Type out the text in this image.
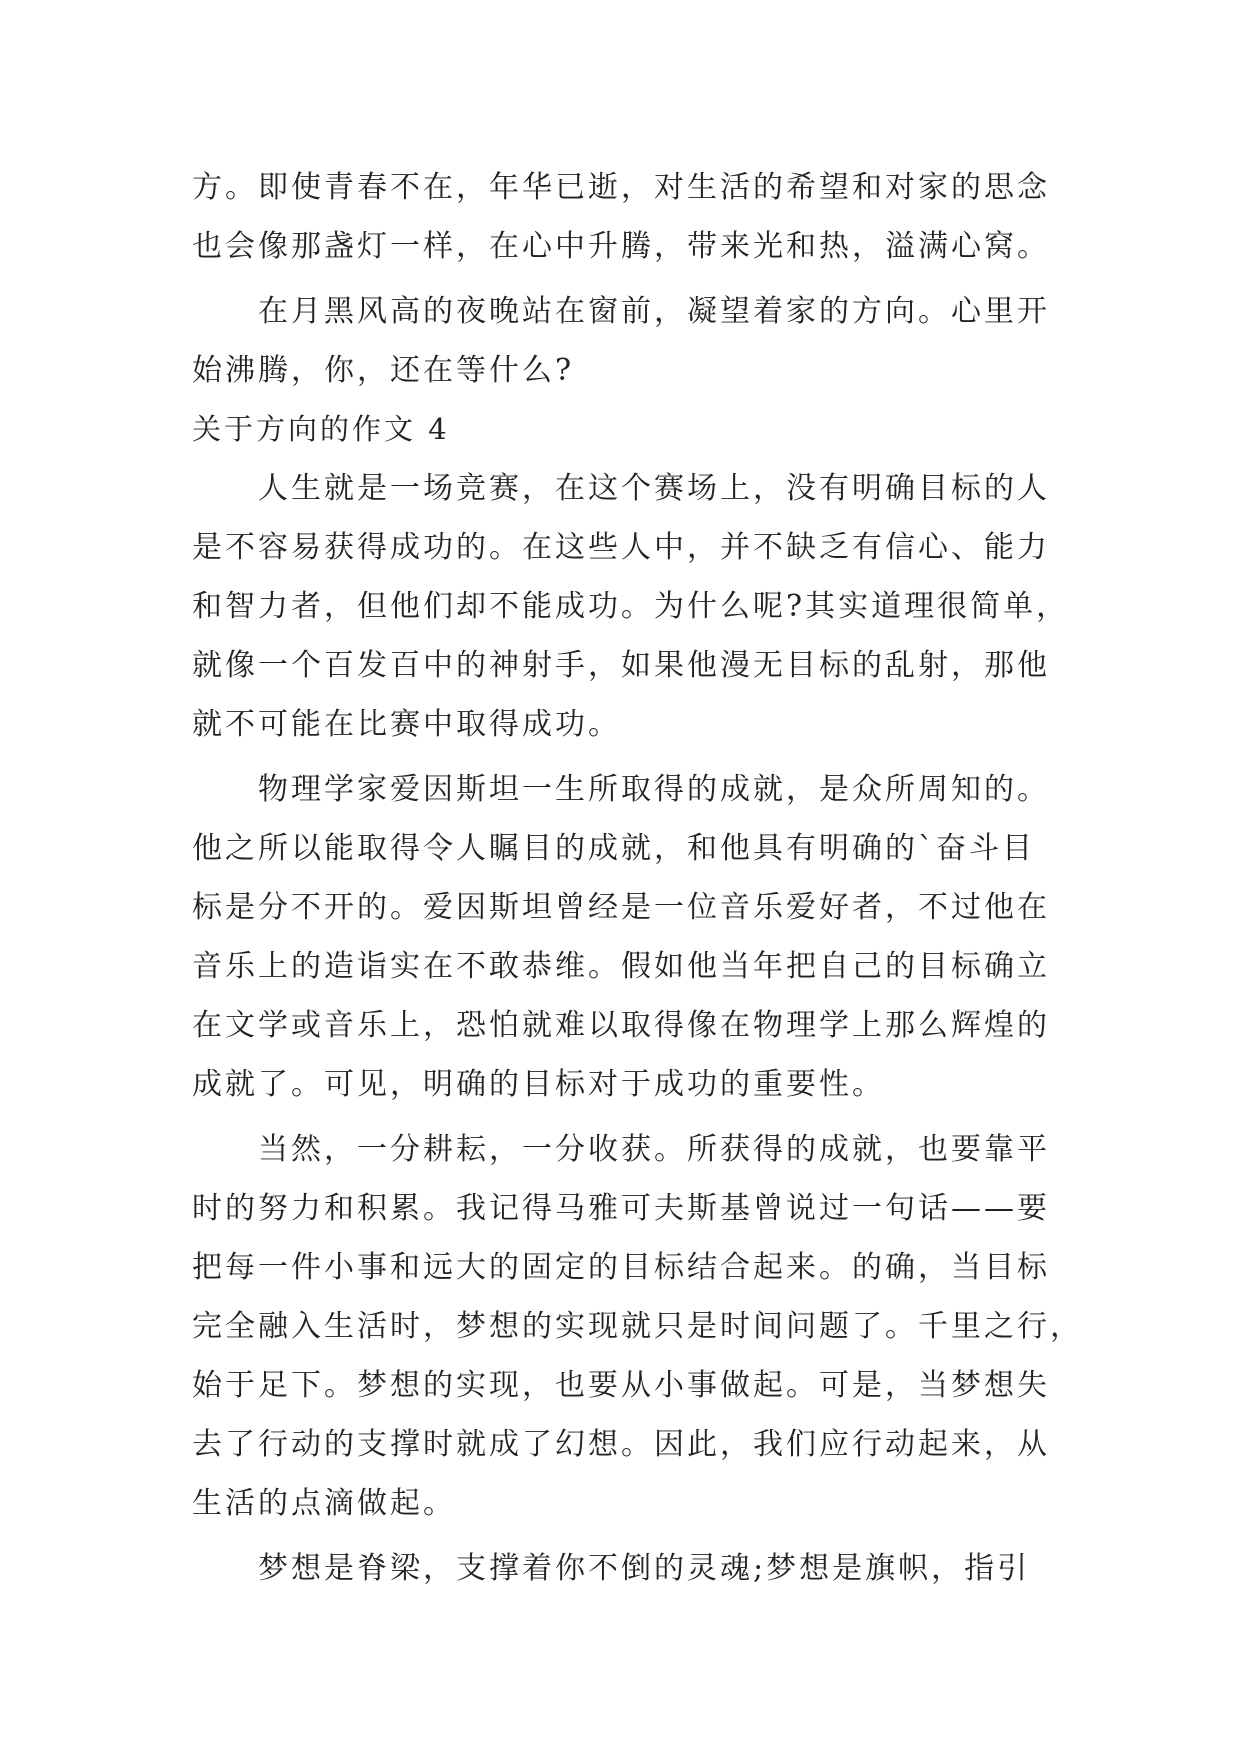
方。即使青春不在，年华已逝，对生活的希望和对家的思念
也会像那盏灯一样，在心中升腾，带来光和热，溢满心窝。
在月黑风高的夜晚站在窗前，凝望着家的方向。心里开
始沸腾，你，还在等什么?
关于方向的作文 4
人生就是一场竞赛，在这个赛场上，没有明确目标的人
是不容易获得成功的。在这些人中，并不缺乏有信心、能力
和智力者，但他们却不能成功。为什么呢?其实道理很简单，
就像一个百发百中的神射手，如果他漫无目标的乱射，那他
就不可能在比赛中取得成功。
物理学家爱因斯坦一生所取得的成就，是众所周知的。
他之所以能取得令人瞩目的成就，和他具有明确的`奋斗目
标是分不开的。爱因斯坦曾经是一位音乐爱好者，不过他在
音乐上的造诣实在不敢恭维。假如他当年把自己的目标确立
在文学或音乐上，恐怕就难以取得像在物理学上那么辉煌的
成就了。可见，明确的目标对于成功的重要性。
当然，一分耕耘，一分收获。所获得的成就，也要靠平
时的努力和积累。我记得马雅可夫斯基曾说过一句话——要
把每一件小事和远大的固定的目标结合起来。的确，当目标
完全融入生活时，梦想的实现就只是时间问题了。千里之行，
始于足下。梦想的实现，也要从小事做起。可是，当梦想失
去了行动的支撑时就成了幻想。因此，我们应行动起来，从
生活的点滴做起。
梦想是脊梁，支撑着你不倒的灵魂;梦想是旗帜，指引
